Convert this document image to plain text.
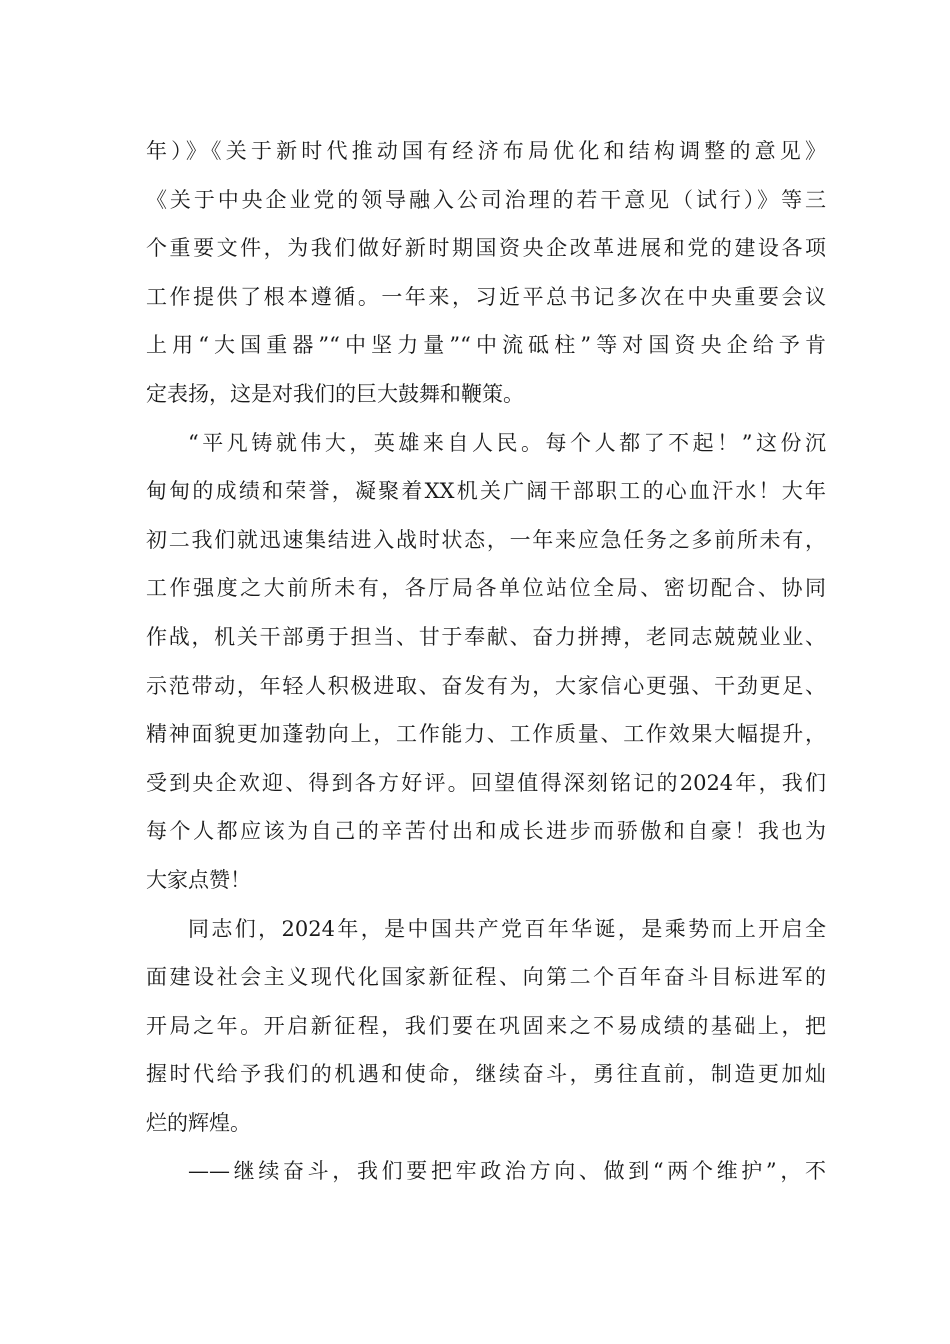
年）》《关于新时代推动国有经济布局优化和结构调整的意见》
《关于中央企业党的领导融入公司治理的若干意见（试行）》等三
个重要文件，为我们做好新时期国资央企改革进展和党的建设各项
工作提供了根本遵循。一年来，习近平总书记多次在中央重要会议
上用“大国重器”“中坚力量”“中流砥柱”等对国资央企给予肯
定表扬，这是对我们的巨大鼓舞和鞭策。
“平凡铸就伟大，英雄来自人民。每个人都了不起！”这份沉
甸甸的成绩和荣誉，凝聚着XX机关广阔干部职工的心血汗水！大年
初二我们就迅速集结进入战时状态，一年来应急任务之多前所未有，
工作强度之大前所未有，各厅局各单位站位全局、密切配合、协同
作战，机关干部勇于担当、甘于奉献、奋力拼搏，老同志兢兢业业、
示范带动，年轻人积极进取、奋发有为，大家信心更强、干劲更足、
精神面貌更加蓬勃向上，工作能力、工作质量、工作效果大幅提升，
受到央企欢迎、得到各方好评。回望值得深刻铭记的2024年，我们
每个人都应该为自己的辛苦付出和成长进步而骄傲和自豪！我也为
大家点赞！
同志们，2024年，是中国共产党百年华诞，是乘势而上开启全
面建设社会主义现代化国家新征程、向第二个百年奋斗目标进军的
开局之年。开启新征程，我们要在巩固来之不易成绩的基础上，把
握时代给予我们的机遇和使命，继续奋斗，勇往直前，制造更加灿
烂的辉煌。
——继续奋斗，我们要把牢政治方向、做到“两个维护”，不
